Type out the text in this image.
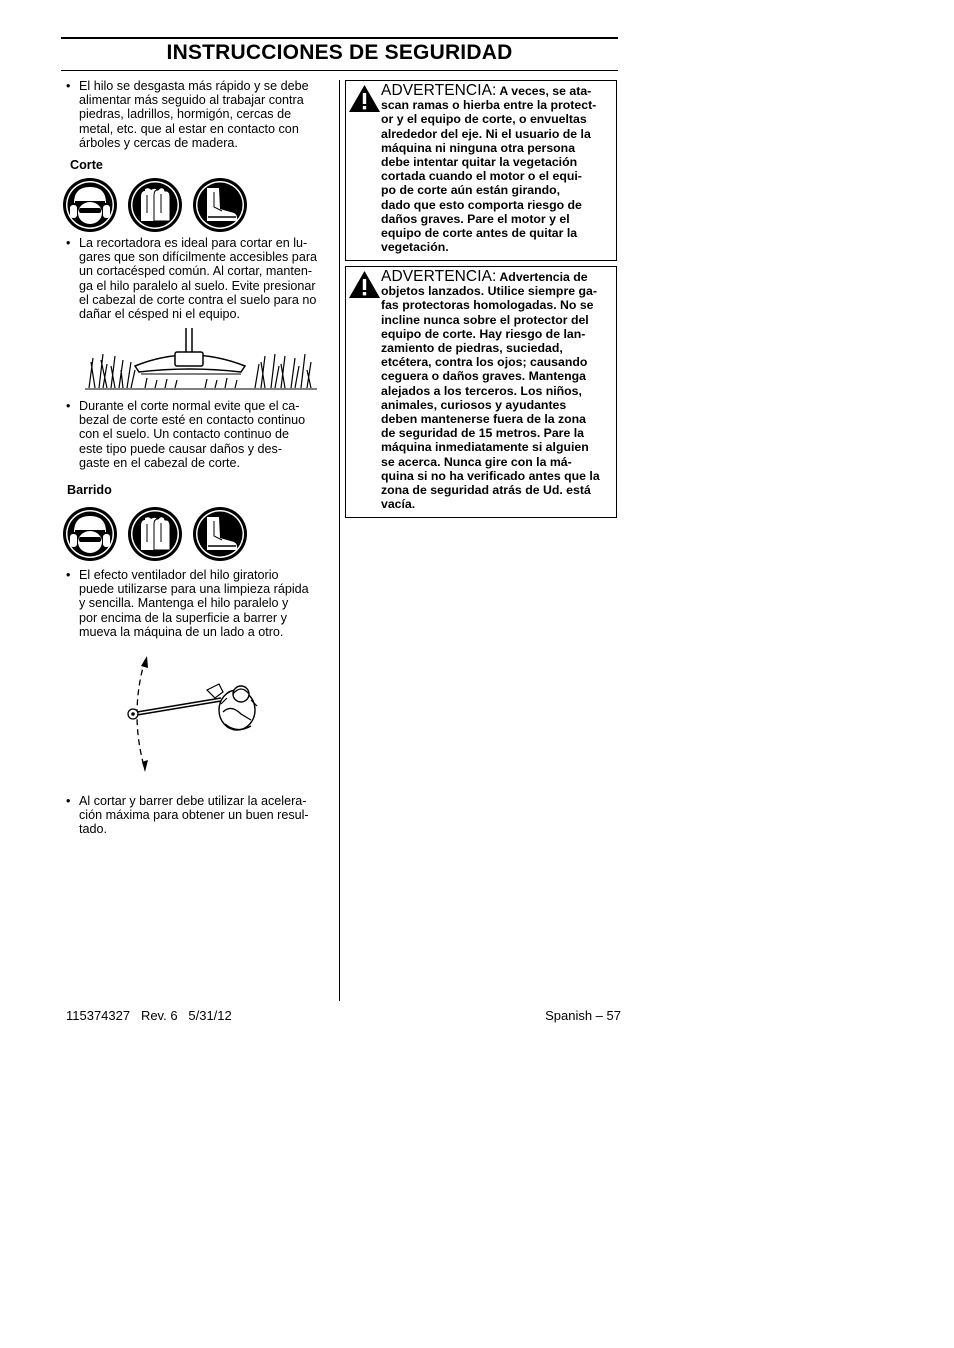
INSTRUCCIONES DE SEGURIDAD
• El hilo se desgasta más rápido y se debe
alimentar más seguido al trabajar contra
piedras, ladrillos, hormigón, cercas de
metal, etc. que al estar en contacto con
árboles y cercas de madera.
Corte
• La recortadora es ideal para cortar en lu-
gares que son difícilmente accesibles para
un cortacésped común. Al cortar, manten-
ga el hilo paralelo al suelo. Evite presionar
el cabezal de corte contra el suelo para no
dañar el césped ni el equipo.
• Durante el corte normal evite que el ca-
bezal de corte esté en contacto continuo
con el suelo. Un contacto continuo de
este tipo puede causar daños y des-
gaste en el cabezal de corte.
Barrido
• El efecto ventilador del hilo giratorio
puede utilizarse para una limpieza rápida
y sencilla. Mantenga el hilo paralelo y
por encima de la superficie a barrer y
mueva la máquina de un lado a otro.
• Al cortar y barrer debe utilizar la acelera-
ción máxima para obtener un buen resul-
tado.
ADVERTENCIA: A veces, se ata-
scan ramas o hierba entre la protect-
or y el equipo de corte, o envueltas
alrededor del eje. Ni el usuario de la
máquina ni ninguna otra persona
debe intentar quitar la vegetación
cortada cuando el motor o el equi-
po de corte aún están girando,
dado que esto comporta riesgo de
daños graves. Pare el motor y el
equipo de corte antes de quitar la
vegetación.
ADVERTENCIA: Advertencia de
objetos lanzados. Utilice siempre ga-
fas protectoras homologadas. No se
incline nunca sobre el protector del
equipo de corte. Hay riesgo de lan-
zamiento de piedras, suciedad,
etcétera, contra los ojos; causando
ceguera o daños graves. Mantenga
alejados a los terceros. Los niños,
animales, curiosos y ayudantes
deben mantenerse fuera de la zona
de seguridad de 15 metros. Pare la
máquina inmediatamente si alguien
se acerca. Nunca gire con la má-
quina si no ha verificado antes que la
zona de seguridad atrás de Ud. está
vacía.
115374327   Rev. 6   5/31/12	Spanish – 57
